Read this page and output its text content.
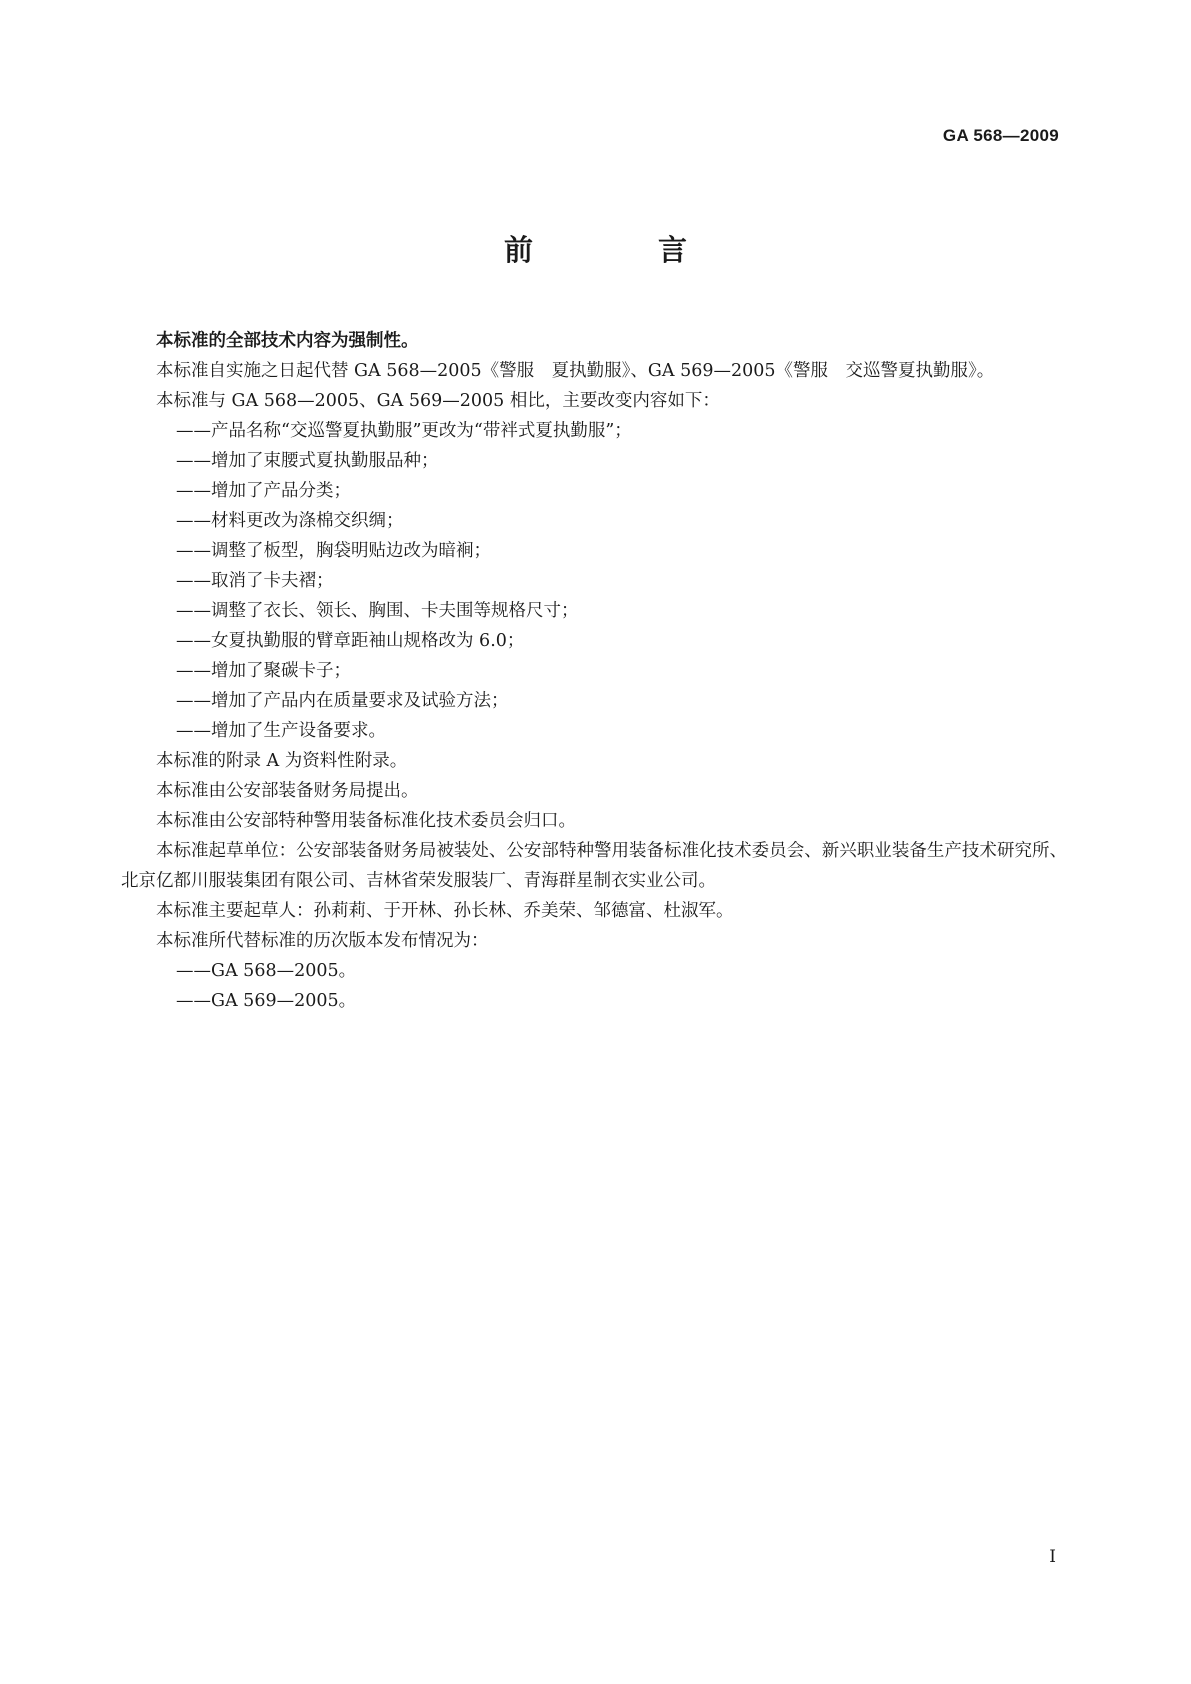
GA 568—2009
前　言

本标准的全部技术内容为强制性。

本标准自实施之日起代替 GA 568—2005《警服　夏执勤服》、GA 569—2005《警服　交巡警夏执勤服》。

本标准与 GA 568—2005、GA 569—2005 相比，主要改变内容如下：

——产品名称“交巡警夏执勤服”更改为“带袢式夏执勤服”；

——增加了束腰式夏执勤服品种；

——增加了产品分类；

——材料更改为涤棉交织绸；

——调整了板型，胸袋明贴边改为暗裥；

——取消了卡夫褶；

——调整了衣长、领长、胸围、卡夫围等规格尺寸；

——女夏执勤服的臂章距袖山规格改为 6.0；

——增加了聚碳卡子；

——增加了产品内在质量要求及试验方法；

——增加了生产设备要求。

本标准的附录 A 为资料性附录。

本标准由公安部装备财务局提出。

本标准由公安部特种警用装备标准化技术委员会归口。

本标准起草单位：公安部装备财务局被装处、公安部特种警用装备标准化技术委员会、新兴职业装备生产技术研究所、北京亿都川服装集团有限公司、吉林省荣发服装厂、青海群星制衣实业公司。

本标准主要起草人：孙莉莉、于开林、孙长林、乔美荣、邹德富、杜淑军。

本标准所代替标准的历次版本发布情况为：

——GA 568—2005。

——GA 569—2005。

I
